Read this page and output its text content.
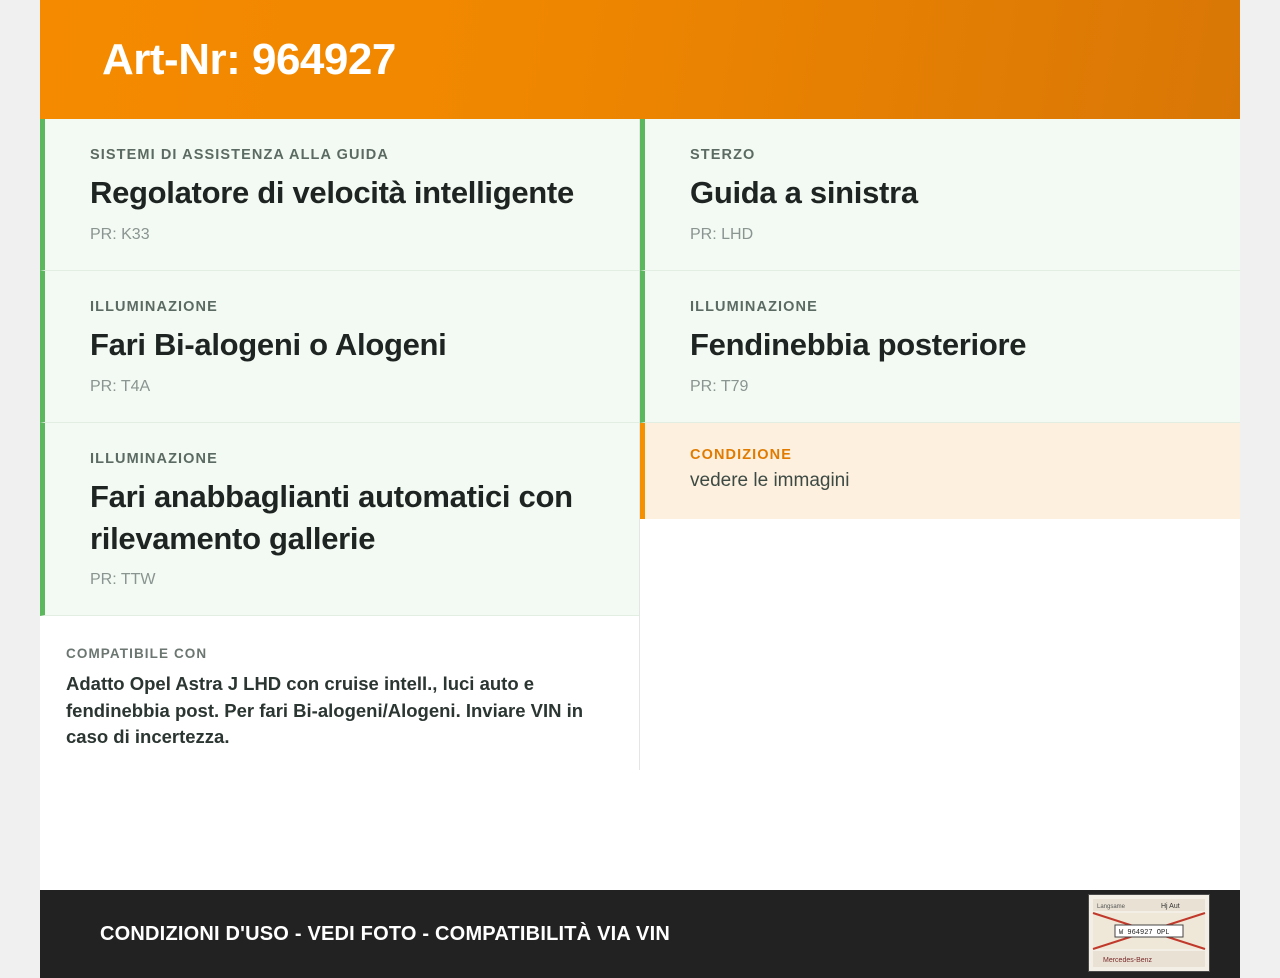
Art-Nr: 964927
SISTEMI DI ASSISTENZA ALLA GUIDA
Regolatore di velocità intelligente
PR: K33
ILLUMINAZIONE
Fari Bi-alogeni o Alogeni
PR: T4A
ILLUMINAZIONE
Fari anabbaglianti automatici con rilevamento gallerie
PR: TTW
COMPATIBILE CON
Adatto Opel Astra J LHD con cruise intell., luci auto e fendinebbia post. Per fari Bi-alogeni/Alogeni. Inviare VIN in caso di incertezza.
STERZO
Guida a sinistra
PR: LHD
ILLUMINAZIONE
Fendinebbia posteriore
PR: T79
CONDIZIONE
vedere le immagini
CONDIZIONI D'USO - VEDI FOTO - COMPATIBILITÀ VIA VIN
Langsame	Hj Aut
W 964927 OPL
Mercedes-Benz
